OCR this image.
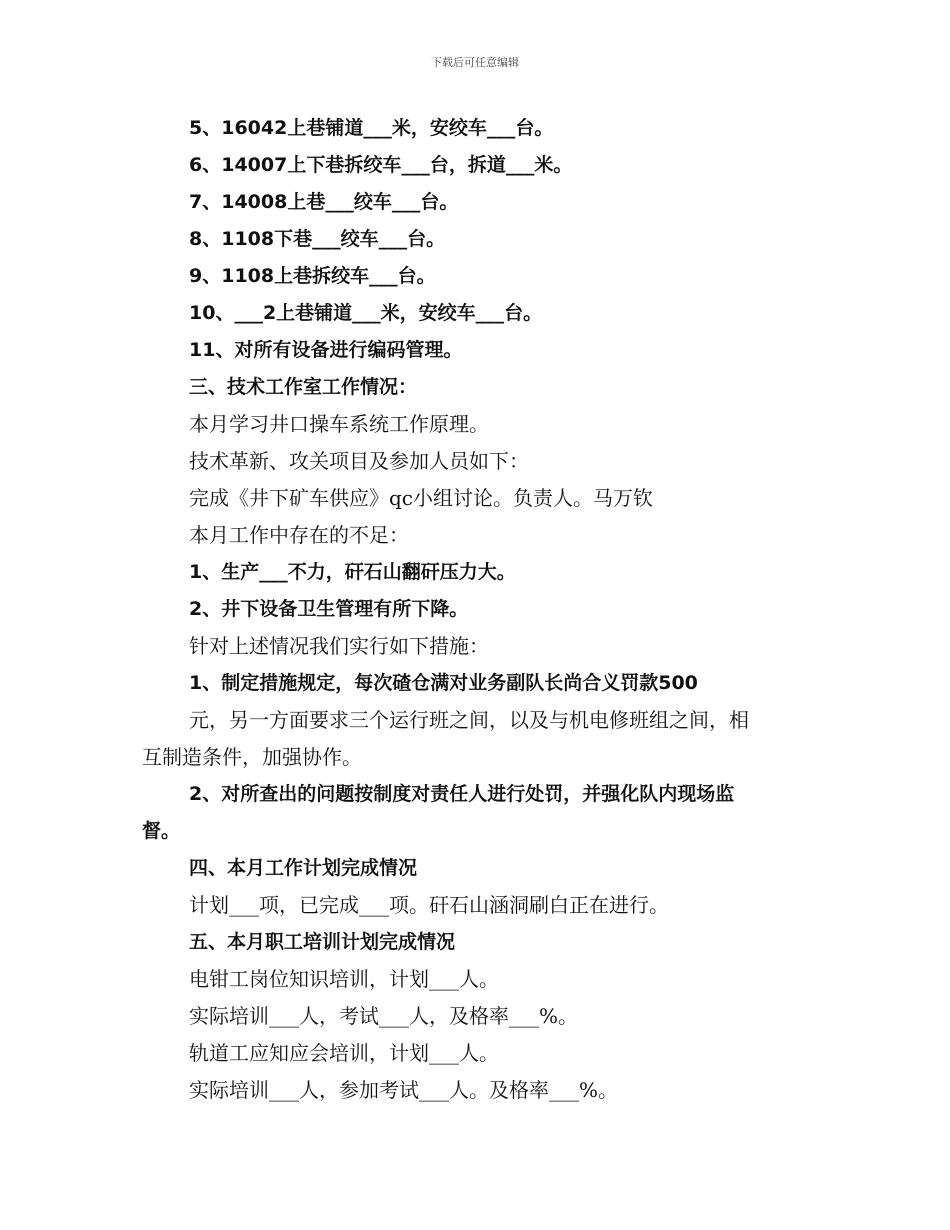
下载后可任意编辑
5、16042上巷铺道___米，安绞车___台。
6、14007上下巷拆绞车___台，拆道___米。
7、14008上巷___绞车___台。
8、1108下巷___绞车___台。
9、1108上巷拆绞车___台。
10、___2上巷铺道___米，安绞车___台。
11、对所有设备进行编码管理。
三、技术工作室工作情况：
本月学习井口操车系统工作原理。
技术革新、攻关项目及参加人员如下：
完成《井下矿车供应》qc小组讨论。负责人。马万钦
本月工作中存在的不足：
1、生产___不力，矸石山翻矸压力大。
2、井下设备卫生管理有所下降。
针对上述情况我们实行如下措施：
1、制定措施规定，每次碴仓满对业务副队长尚合义罚款500
元，另一方面要求三个运行班之间，以及与机电修班组之间，相
互制造条件，加强协作。
2、对所查出的问题按制度对责任人进行处罚，并强化队内现场监
督。
四、本月工作计划完成情况
计划___项，已完成___项。矸石山涵洞刷白正在进行。
五、本月职工培训计划完成情况
电钳工岗位知识培训，计划___人。
实际培训___人，考试___人，及格率___%。
轨道工应知应会培训，计划___人。
实际培训___人，参加考试___人。及格率___%。
